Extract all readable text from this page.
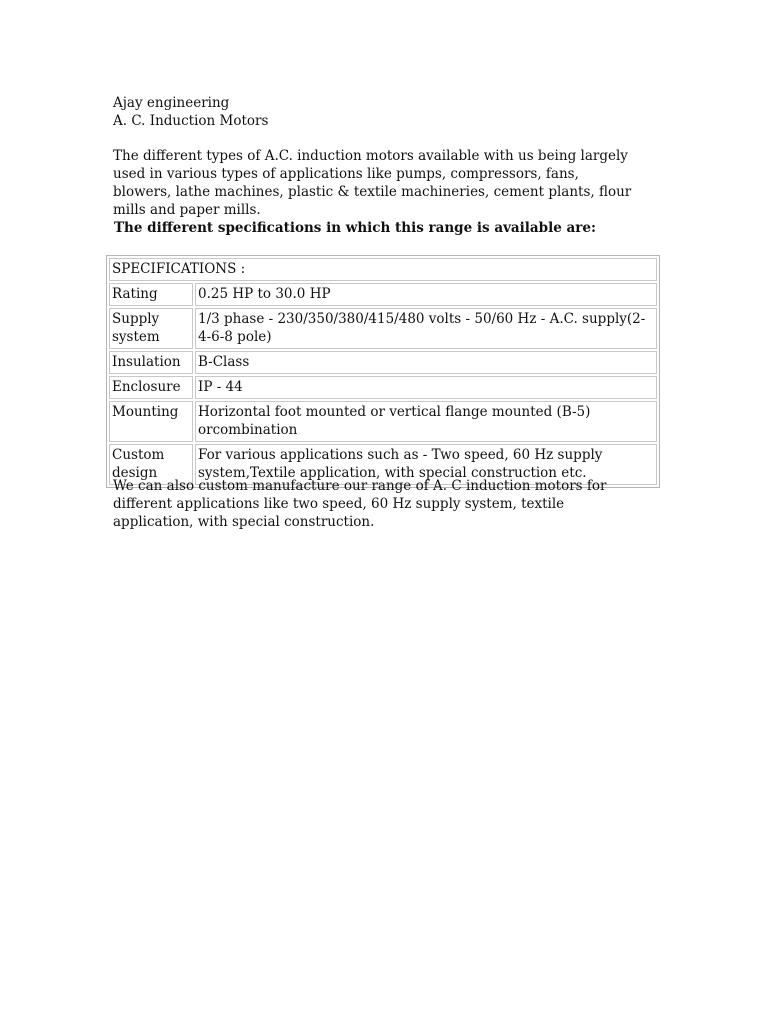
Ajay engineering
A. C. Induction Motors

The different types of A.C. induction motors available with us being largely used in various types of applications like pumps, compressors, fans, blowers, lathe machines, plastic & textile machineries, cement plants, flour mills and paper mills.

The different specifications in which this range is available are:
SPECIFICATIONS :	
Rating	0.25 HP to 30.0 HP
Supply system	1/3 phase - 230/350/380/415/480 volts - 50/60 Hz - A.C. supply(2-4-6-8 pole)
Insulation	B-Class
Enclosure	IP - 44
Mounting	Horizontal foot mounted or vertical flange mounted (B-5) orcombination
Custom design	For various applications such as - Two speed, 60 Hz supply system,Textile application, with special construction etc.

We can also custom manufacture our range of A. C induction motors for different applications like two speed, 60 Hz supply system, textile application, with special construction.
